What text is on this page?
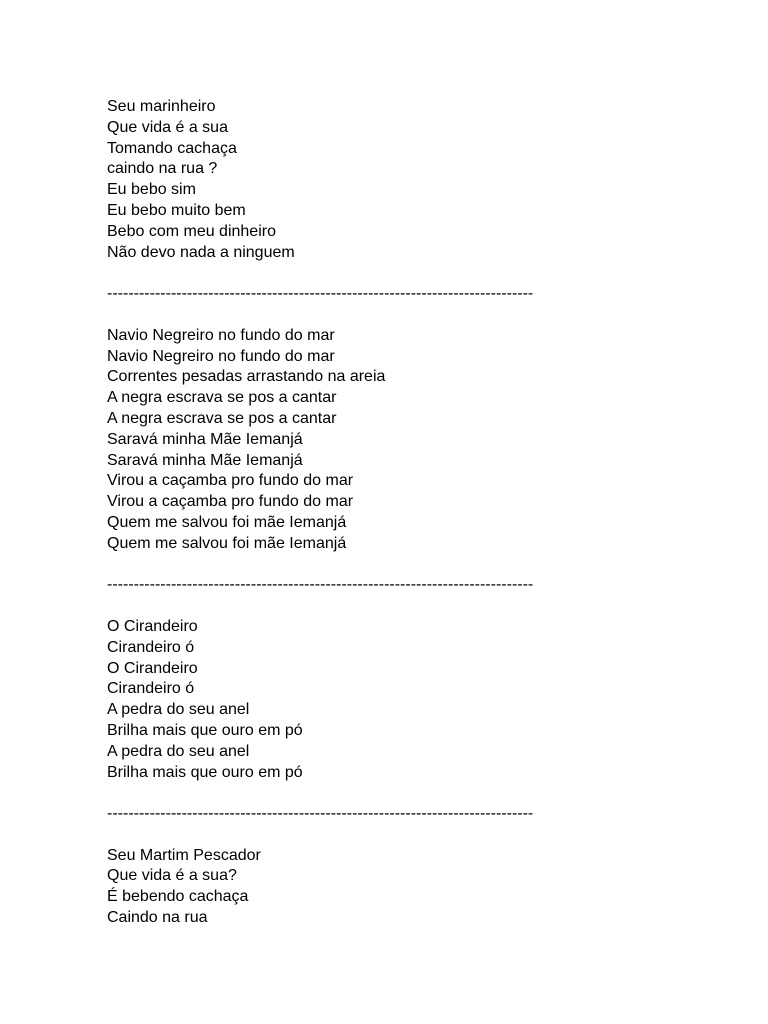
Seu marinheiro
Que vida é a sua
Tomando cachaça
caindo na rua ?
Eu bebo sim
Eu bebo muito bem
Bebo com meu dinheiro
Não devo nada a ninguem
--------------------------------------------------------------------------------
Navio Negreiro no fundo do mar
Navio Negreiro no fundo do mar
Correntes pesadas arrastando na areia
A negra escrava se pos a cantar
A negra escrava se pos a cantar
Saravá minha Mãe Iemanjá
Saravá minha Mãe Iemanjá
Virou a caçamba pro fundo do mar
Virou a caçamba pro fundo do mar
Quem me salvou foi mãe Iemanjá
Quem me salvou foi mãe Iemanjá
--------------------------------------------------------------------------------
O Cirandeiro
Cirandeiro ó
O Cirandeiro
Cirandeiro ó
A pedra do seu anel
Brilha mais que ouro em pó
A pedra do seu anel
Brilha mais que ouro em pó
--------------------------------------------------------------------------------
Seu Martim Pescador
Que vida é a sua?
É bebendo cachaça
Caindo na rua
